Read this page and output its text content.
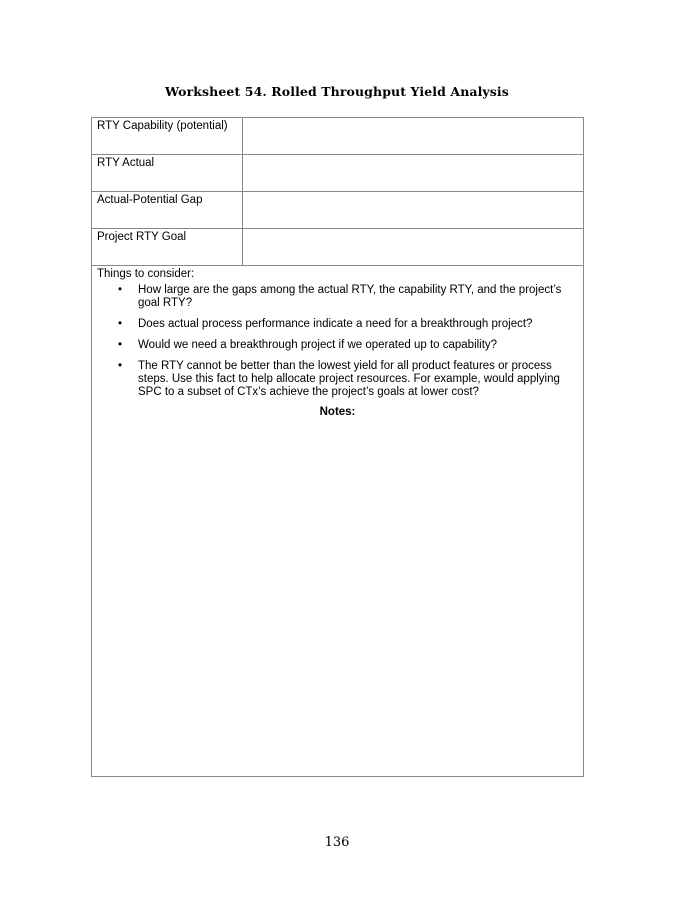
Worksheet 54. Rolled Throughput Yield Analysis
RTY Capability (potential)
RTY Actual
Actual-Potential Gap
Project RTY Goal
Things to consider:
• How large are the gaps among the actual RTY, the capability RTY, and the project’s goal RTY?
• Does actual process performance indicate a need for a breakthrough project?
• Would we need a breakthrough project if we operated up to capability?
• The RTY cannot be better than the lowest yield for all product features or process steps. Use this fact to help allocate project resources. For example, would applying SPC to a subset of CTx’s achieve the project’s goals at lower cost?
Notes:
136
